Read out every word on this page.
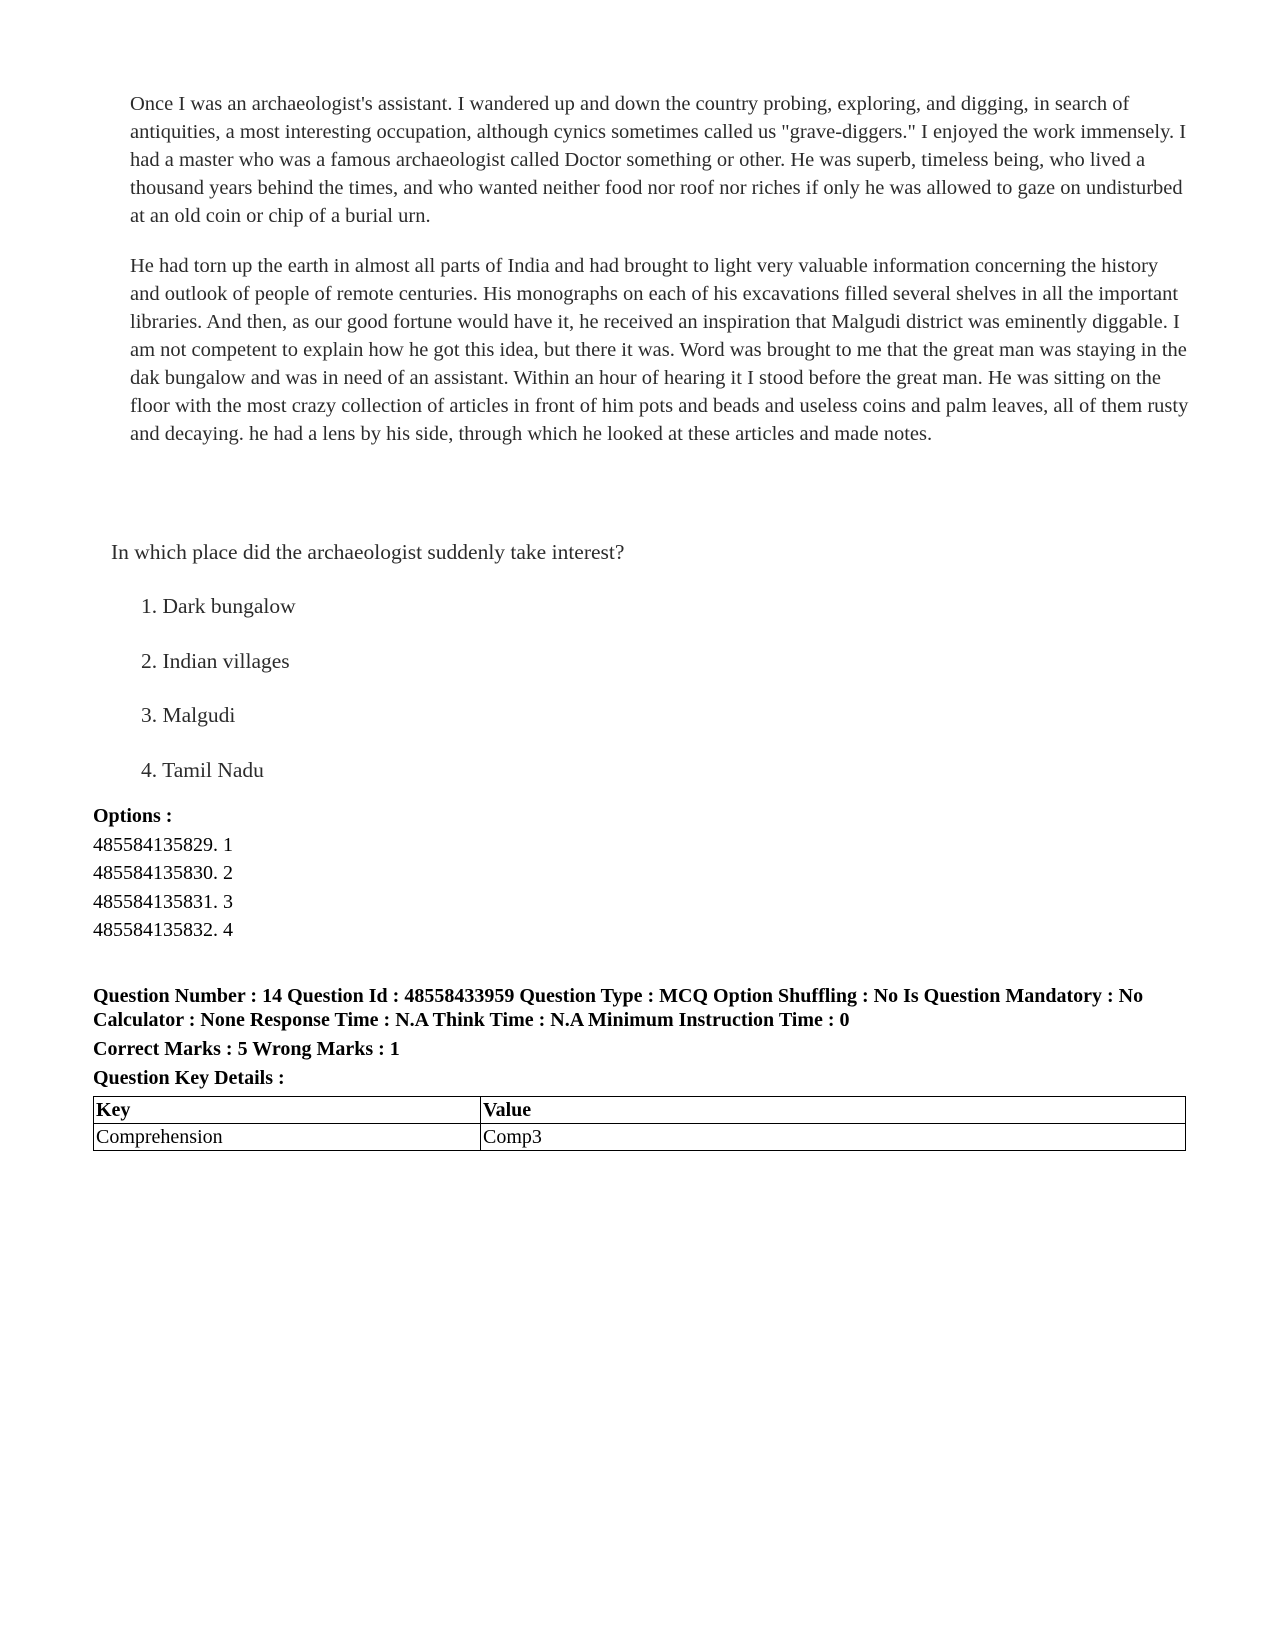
Once I was an archaeologist's assistant. I wandered up and down the country probing, exploring, and digging, in search of antiquities, a most interesting occupation, although cynics sometimes called us "grave-diggers." I enjoyed the work immensely. I had a master who was a famous archaeologist called Doctor something or other. He was superb, timeless being, who lived a thousand years behind the times, and who wanted neither food nor roof nor riches if only he was allowed to gaze on undisturbed at an old coin or chip of a burial urn.

He had torn up the earth in almost all parts of India and had brought to light very valuable information concerning the history and outlook of people of remote centuries. His monographs on each of his excavations filled several shelves in all the important libraries. And then, as our good fortune would have it, he received an inspiration that Malgudi district was eminently diggable. I am not competent to explain how he got this idea, but there it was. Word was brought to me that the great man was staying in the dak bungalow and was in need of an assistant. Within an hour of hearing it I stood before the great man. He was sitting on the floor with the most crazy collection of articles in front of him pots and beads and useless coins and palm leaves, all of them rusty and decaying. he had a lens by his side, through which he looked at these articles and made notes.

In which place did the archaeologist suddenly take interest?

1. Dark bungalow
2. Indian villages
3. Malgudi
4. Tamil Nadu
Options :
485584135829. 1
485584135830. 2
485584135831. 3
485584135832. 4
Question Number : 14 Question Id : 48558433959 Question Type : MCQ Option Shuffling : No Is Question Mandatory : No Calculator : None Response Time : N.A Think Time : N.A Minimum Instruction Time : 0
Correct Marks : 5 Wrong Marks : 1
Question Key Details :
Key	Value
Comprehension	Comp3
